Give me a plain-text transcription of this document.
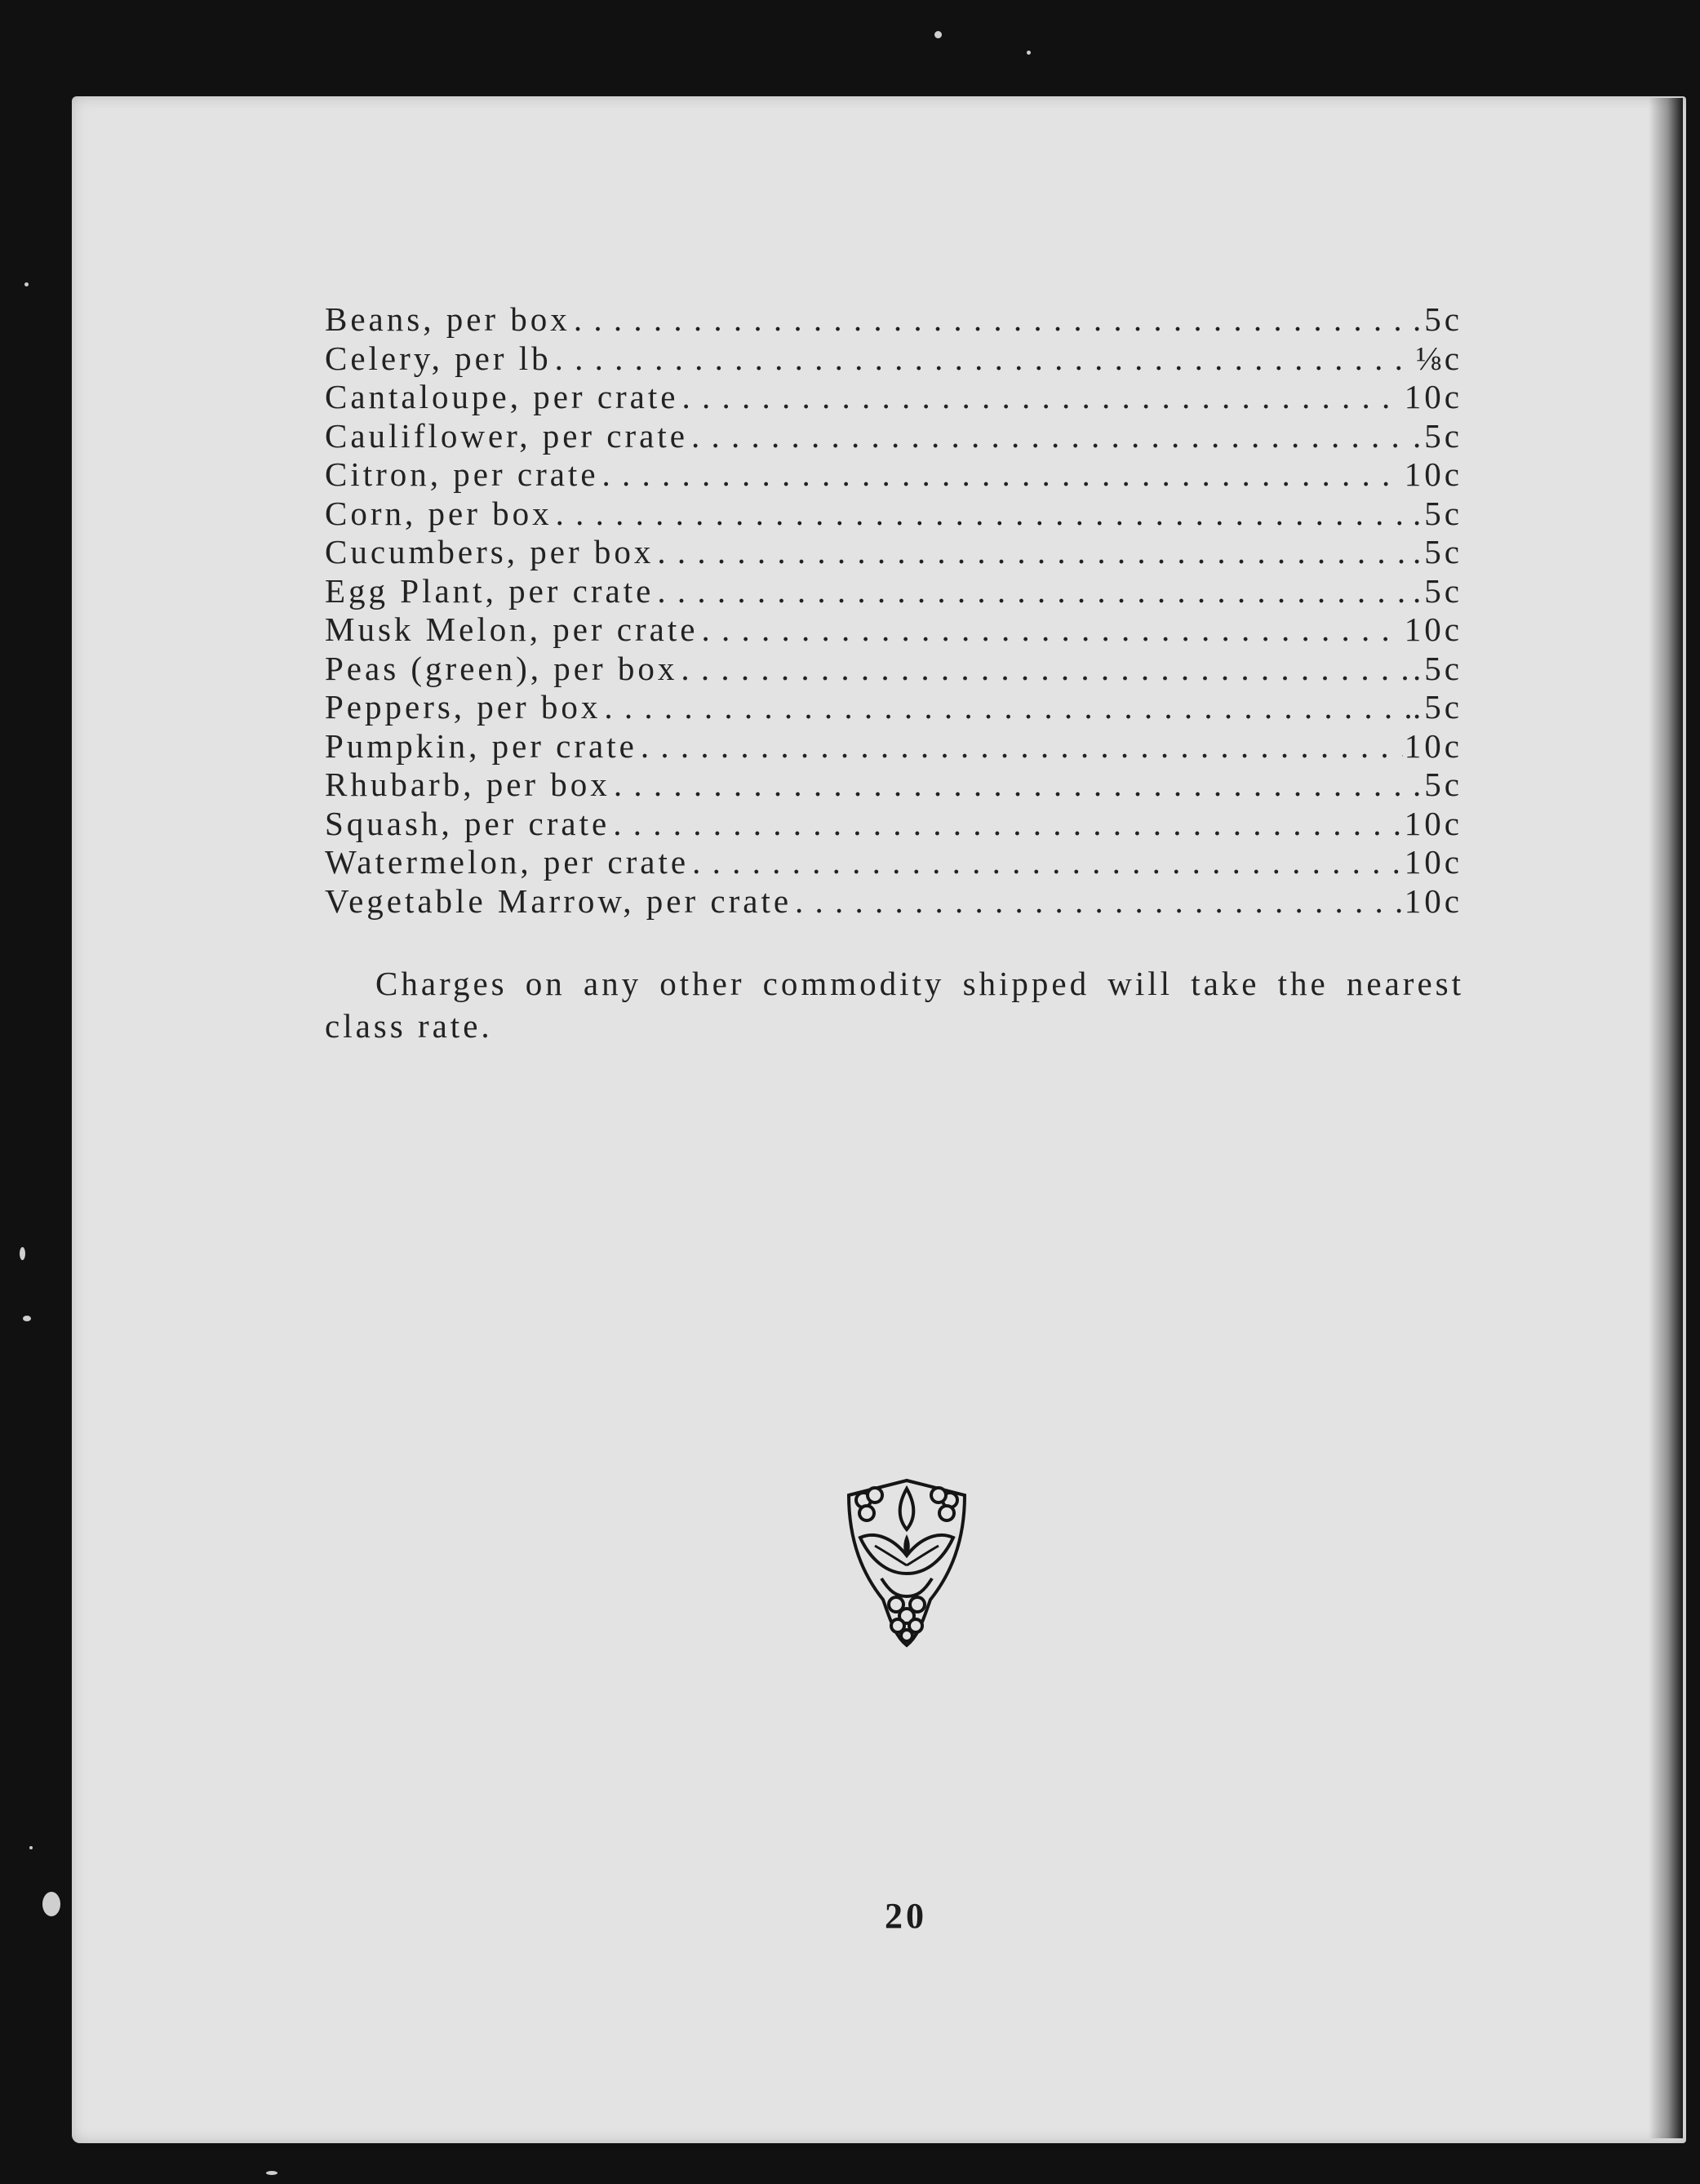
Beans, per box . . .	.5c
Celery, per lb . . .	⅛c
Cantaloupe, per crate . . .	10c
Cauliflower, per crate . . .	.5c
Citron, per crate . . .	10c
Corn, per box . . .	.5c
Cucumbers, per box . . .	.5c
Egg Plant, per crate . . .	.5c
Musk Melon, per crate . . .	10c
Peas (green), per box . . .	.5c
Peppers, per box . . .	.5c
Pumpkin, per crate . . .	10c
Rhubarb, per box . . .	.5c
Squash, per crate . . .	10c
Watermelon, per crate . . .	10c
Vegetable Marrow, per crate . . .	10c

Charges on any other commodity shipped will take the nearest class rate.

20
